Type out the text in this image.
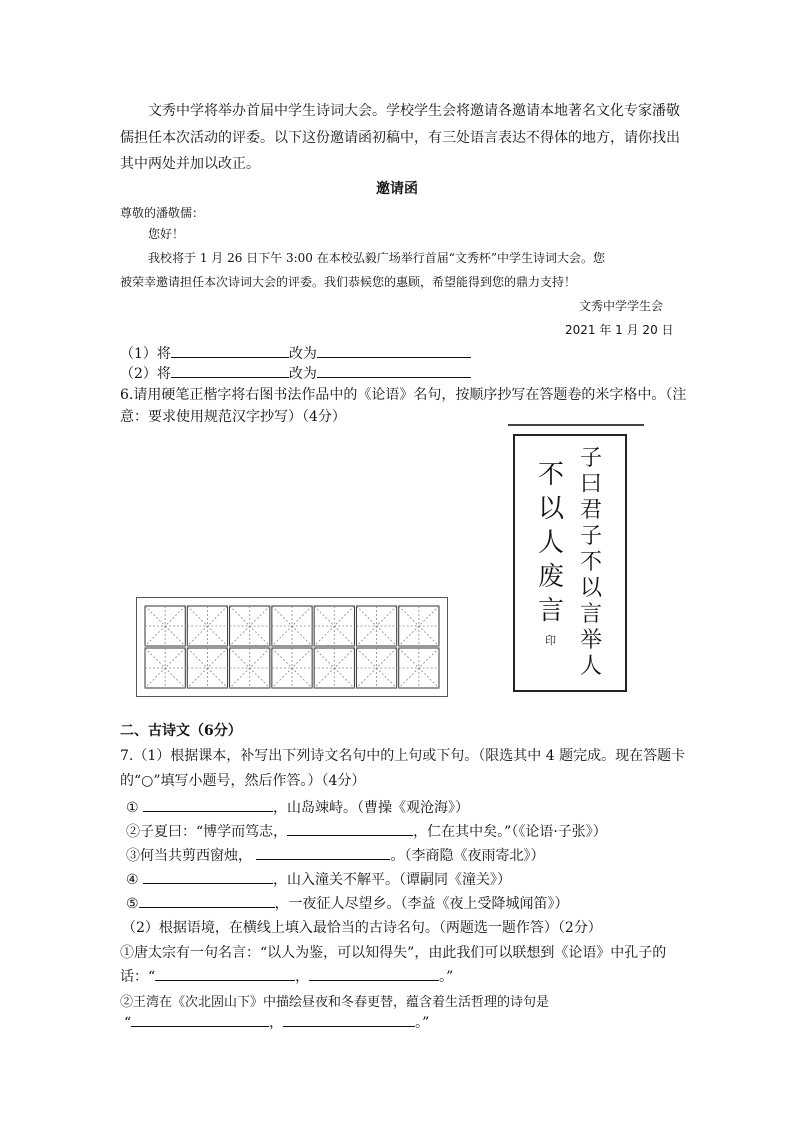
文秀中学将举办首届中学生诗词大会。学校学生会将邀请各邀请本地著名文化专家潘敬
儒担任本次活动的评委。以下这份邀请函初稿中，有三处语言表达不得体的地方，请你找出
其中两处并加以改正。
邀请函
尊敬的潘敬儒：
您好！
我校将于 1 月 26 日下午 3:00 在本校弘毅广场举行首届“文秀杯”中学生诗词大会。您
被荣幸邀请担任本次诗词大会的评委。我们恭候您的惠顾，希望能得到您的鼎力支持！
文秀中学学生会
2021 年 1 月 20 日
（1）将	改为
（2）将	改为
6.请用硬笔正楷字将右图书法作品中的《论语》名句，按顺序抄写在答题卷的米字格中。（注
意：要求使用规范汉字抄写）（4分）
子
曰
君
子
不
以
言
举
人
不
以
人
废
言
印
二、古诗文（6分）
7.（1）根据课本，补写出下列诗文名句中的上句或下句。（限选其中 4 题完成。现在答题卡
的“○”填写小题号，然后作答。）（4分）
①	，山岛竦峙。（曹操《观沧海》）
②子夏曰：“博学而笃志，	，仁在其中矣。”（《论语·子张》）
③何当共剪西窗烛，	。（李商隐《夜雨寄北》）
④	，山入潼关不解平。（谭嗣同《潼关》）
⑤	，一夜征人尽望乡。（李益《夜上受降城闻笛》）
（2）根据语境，在横线上填入最恰当的古诗名句。（两题选一题作答）（2分）
①唐太宗有一句名言：“以人为鉴，可以知得失”，由此我们可以联想到《论语》中孔子的
话：“	，	。”
②王湾在《次北固山下》中描绘昼夜和冬春更替，蕴含着生活哲理的诗句是
“	，	。”
